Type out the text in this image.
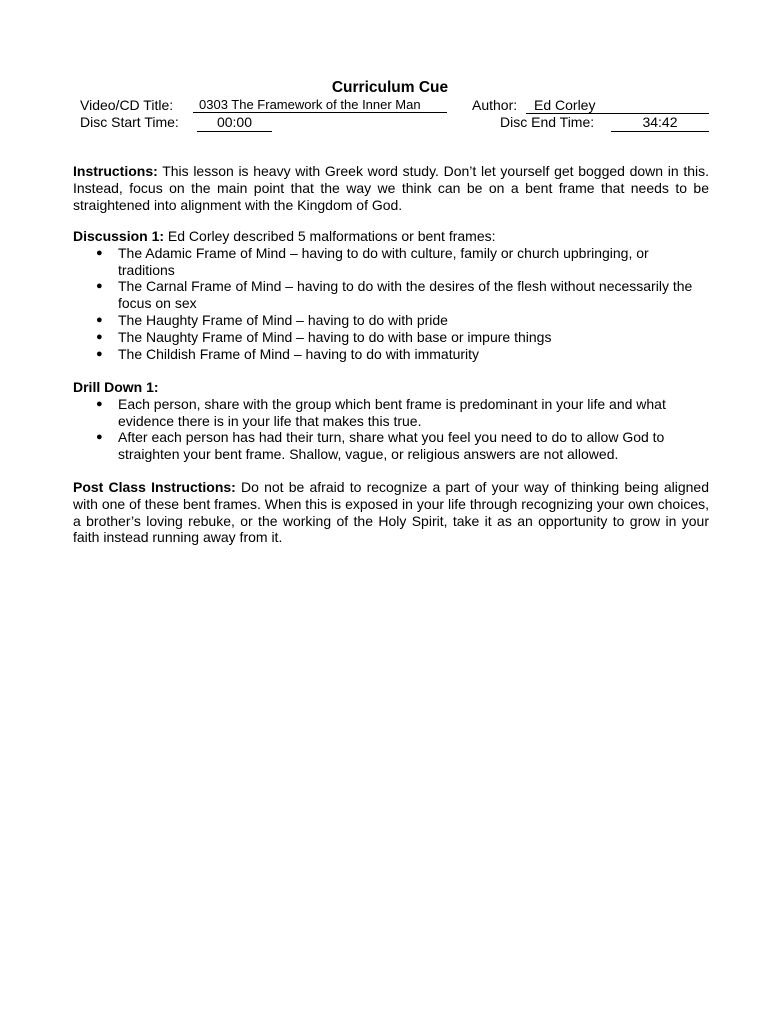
Curriculum Cue
Video/CD Title:	0303 The Framework of the Inner Man	Author:	Ed Corley
Disc Start Time:	00:00	Disc End Time:	34:42

Instructions: This lesson is heavy with Greek word study. Don’t let yourself get bogged down in this. Instead, focus on the main point that the way we think can be on a bent frame that needs to be straightened into alignment with the Kingdom of God.

Discussion 1: Ed Corley described 5 malformations or bent frames:

● The Adamic Frame of Mind – having to do with culture, family or church upbringing, or traditions
● The Carnal Frame of Mind – having to do with the desires of the flesh without necessarily the focus on sex
● The Haughty Frame of Mind – having to do with pride
● The Naughty Frame of Mind – having to do with base or impure things
● The Childish Frame of Mind – having to do with immaturity

Drill Down 1:

● Each person, share with the group which bent frame is predominant in your life and what evidence there is in your life that makes this true.
● After each person has had their turn, share what you feel you need to do to allow God to straighten your bent frame. Shallow, vague, or religious answers are not allowed.

Post Class Instructions: Do not be afraid to recognize a part of your way of thinking being aligned with one of these bent frames. When this is exposed in your life through recognizing your own choices, a brother’s loving rebuke, or the working of the Holy Spirit, take it as an opportunity to grow in your faith instead running away from it.
